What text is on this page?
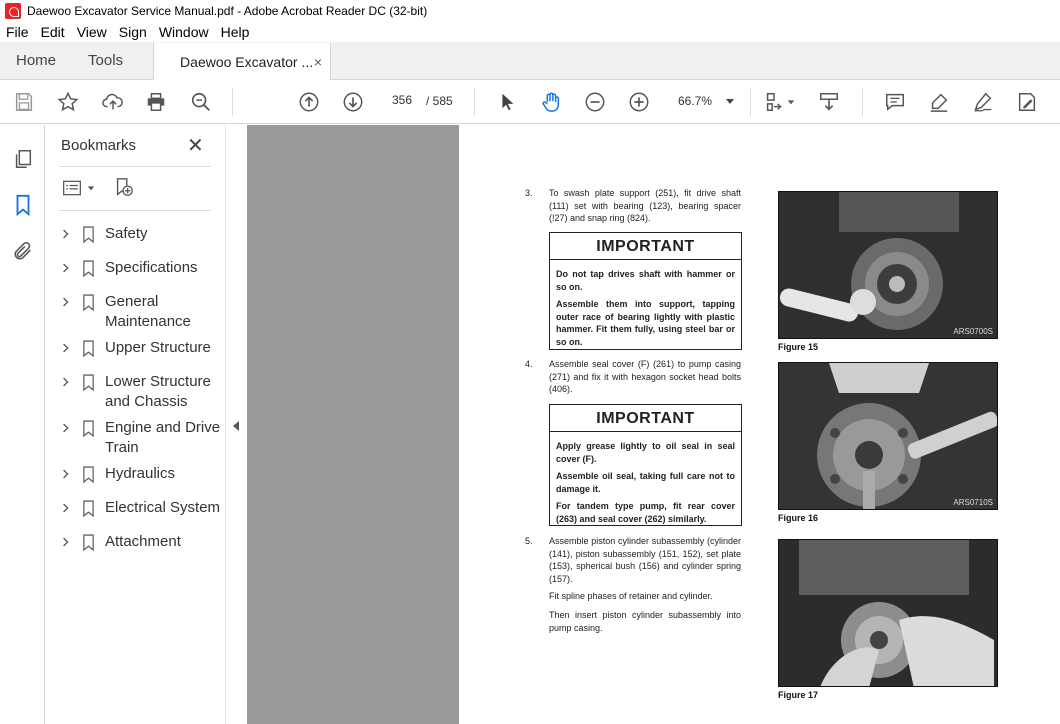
Daewoo Excavator Service Manual.pdf - Adobe Acrobat Reader DC (32-bit)
File Edit View Sign Window Help
Home	Tools	Daewoo Excavator ... ×
356	/ 585	66.7%
Bookmarks	✕
Safety
Specifications
General Maintenance
Upper Structure
Lower Structure and Chassis
Engine and Drive Train
Hydraulics
Electrical System
Attachment
3. To swash plate support (251), fit drive shaft (111) set with bearing (123), bearing spacer (!27) and snap ring (824).
IMPORTANT
Do not tap drives shaft with hammer or so on.
Assemble them into support, tapping outer race of bearing lightly with plastic hammer. Fit them fully, using steel bar or so on.
4. Assemble seal cover (F) (261) to pump casing (271) and fix it with hexagon socket head bolts (406).
IMPORTANT
Apply grease lightly to oil seal in seal cover (F).
Assemble oil seal, taking full care not to damage it.
For tandem type pump, fit rear cover (263) and seal cover (262) similarly.
5. Assemble piston cylinder subassembly (cylinder (141), piston subassembly (151, 152), set plate (153), spherical bush (156) and cylinder spring (157).
Fit spline phases of retainer and cylinder.
Then insert piston cylinder subassembly into pump casing.
ARS0700S
Figure 15
ARS0710S
Figure 16
ARS0720S
Figure 17
